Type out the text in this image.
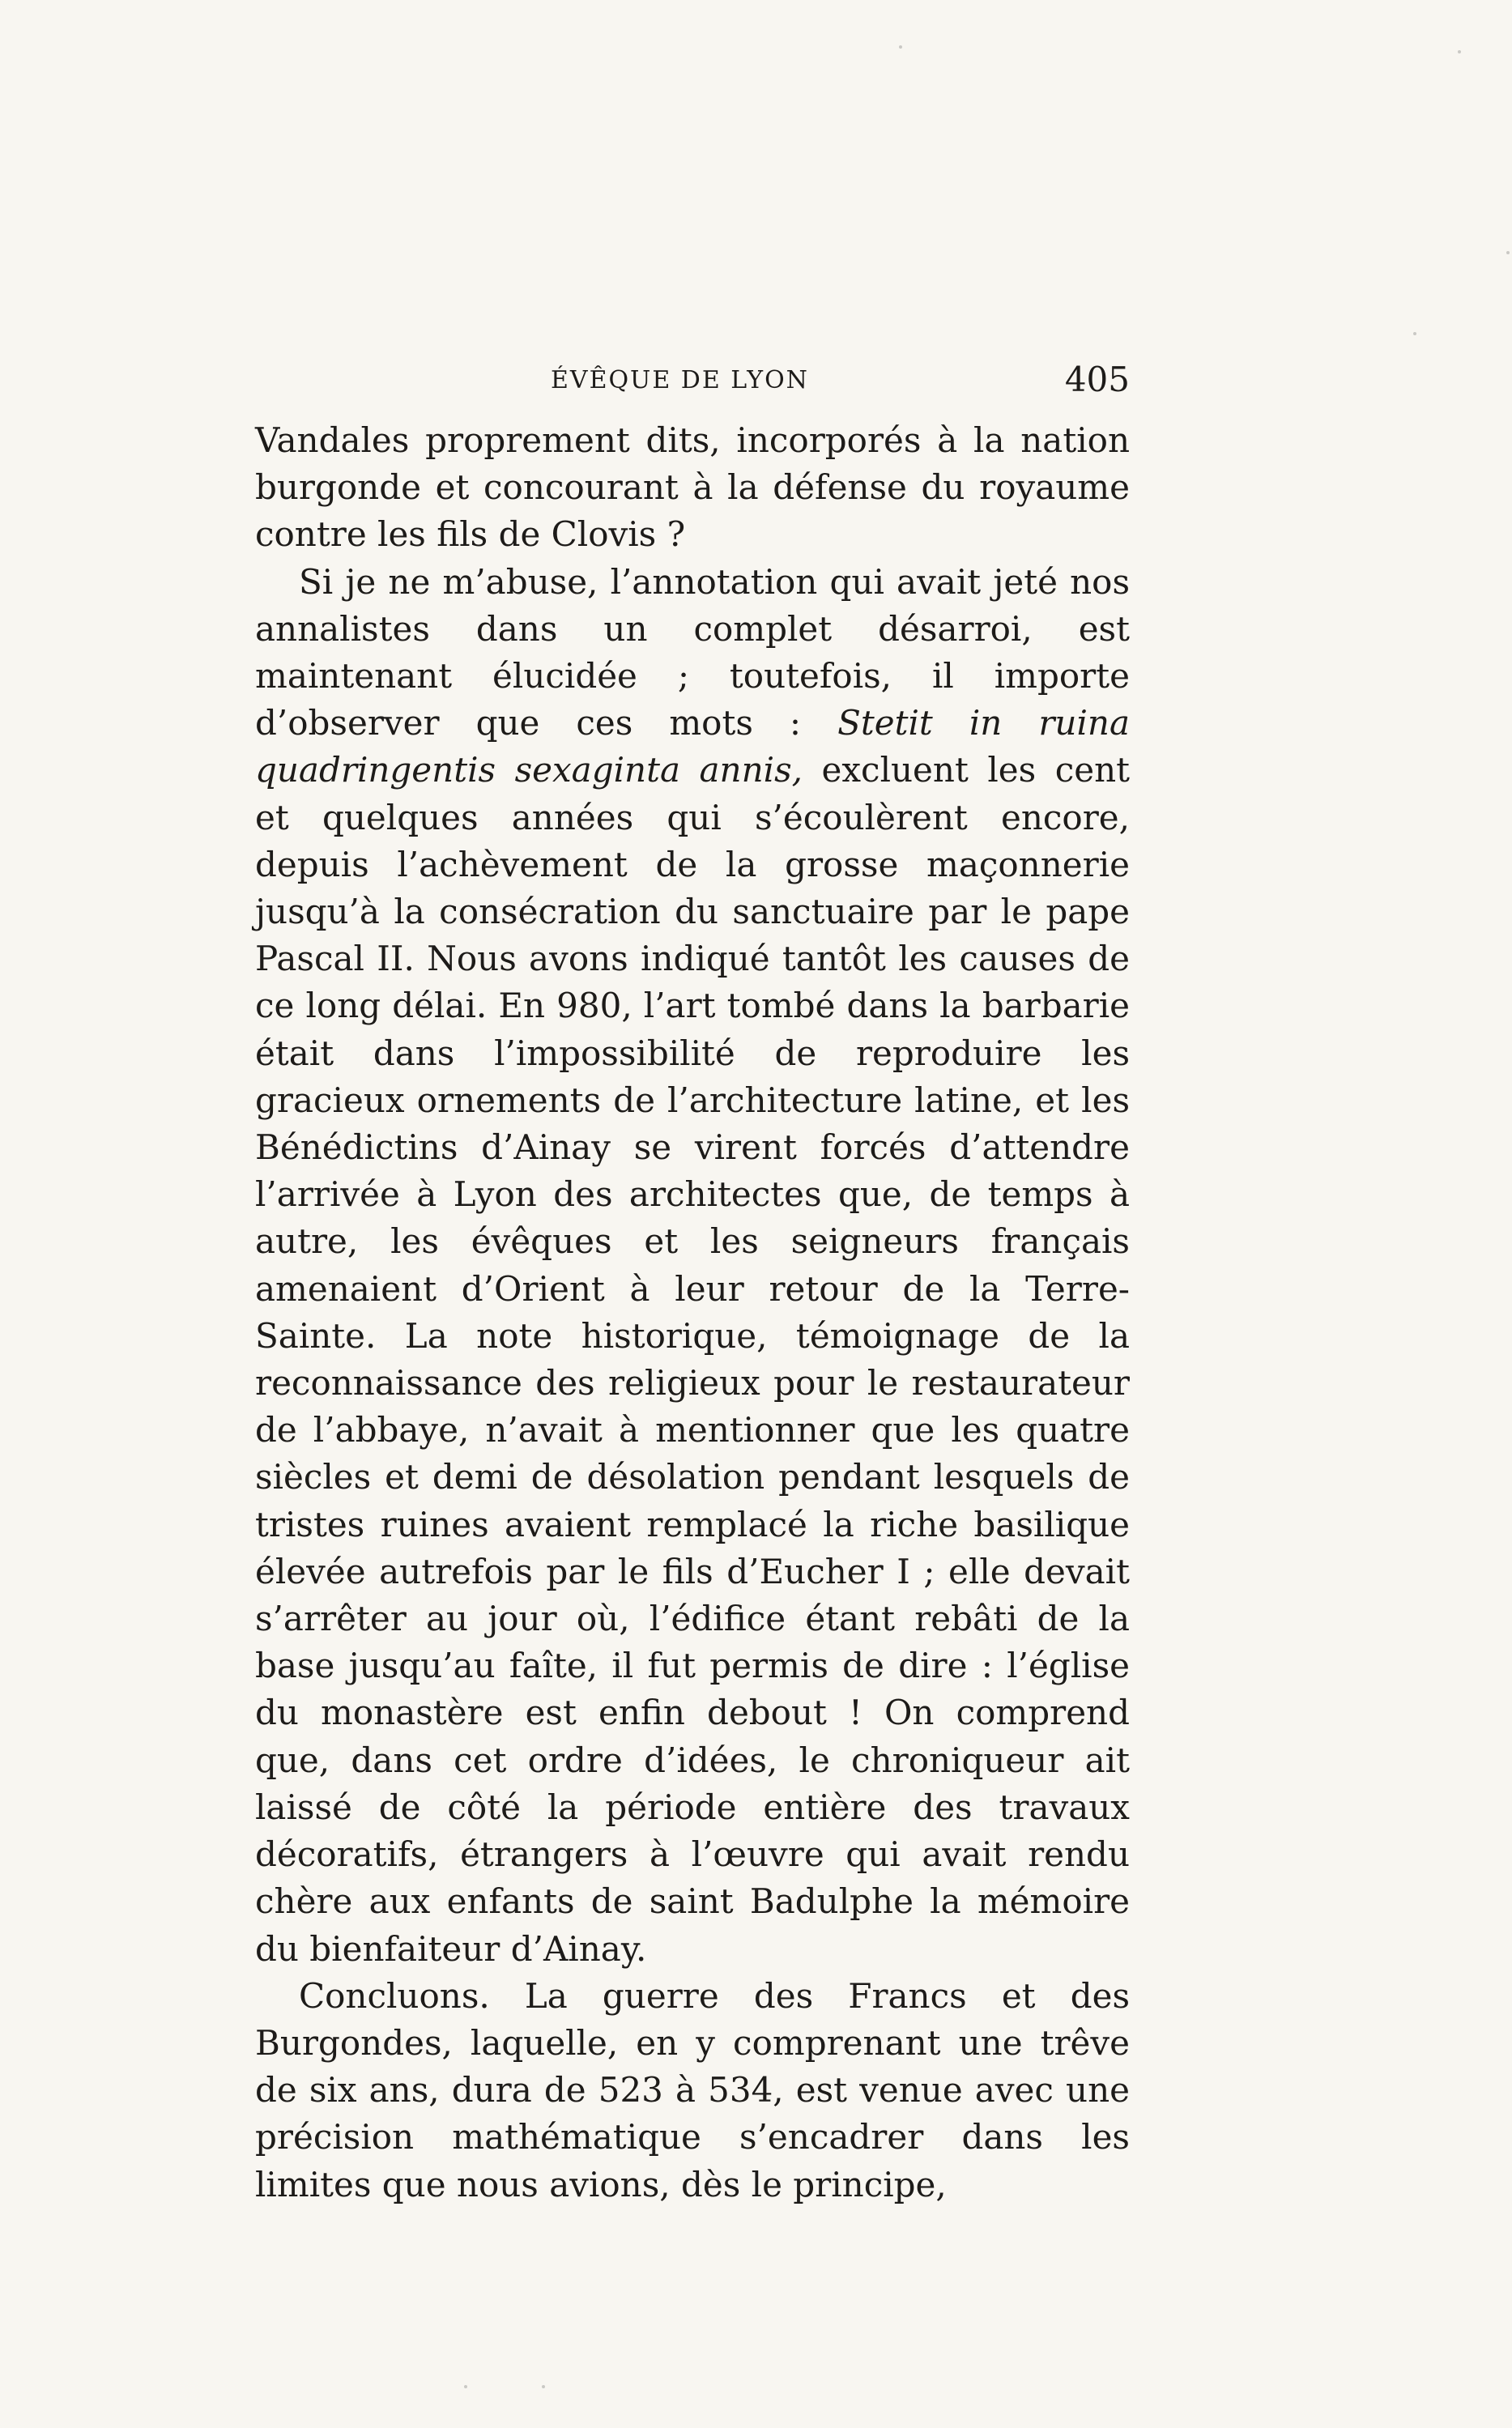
ÉVÊQUE DE LYON	405

Vandales proprement dits, incorporés à la nation burgonde et concourant à la défense du royaume contre les fils de Clovis ?

Si je ne m’abuse, l’annotation qui avait jeté nos annalistes dans un complet désarroi, est maintenant élucidée ; toutefois, il importe d’observer que ces mots : Stetit in ruina quadringentis sexaginta annis, excluent les cent et quelques années qui s’écoulèrent encore, depuis l’achèvement de la grosse maçonnerie jusqu’à la consécration du sanctuaire par le pape Pascal II. Nous avons indiqué tantôt les causes de ce long délai. En 980, l’art tombé dans la barbarie était dans l’impossibilité de reproduire les gracieux ornements de l’architecture latine, et les Bénédictins d’Ainay se virent forcés d’attendre l’arrivée à Lyon des architectes que, de temps à autre, les évêques et les seigneurs français amenaient d’Orient à leur retour de la Terre-Sainte. La note historique, témoignage de la reconnaissance des religieux pour le restaurateur de l’abbaye, n’avait à mentionner que les quatre siècles et demi de désolation pendant lesquels de tristes ruines avaient remplacé la riche basilique élevée autrefois par le fils d’Eucher I ; elle devait s’arrêter au jour où, l’édifice étant rebâti de la base jusqu’au faîte, il fut permis de dire : l’église du monastère est enfin debout ! On comprend que, dans cet ordre d’idées, le chroniqueur ait laissé de côté la période entière des travaux décoratifs, étrangers à l’œuvre qui avait rendu chère aux enfants de saint Badulphe la mémoire du bienfaiteur d’Ainay.

Concluons. La guerre des Francs et des Burgondes, laquelle, en y comprenant une trêve de six ans, dura de 523 à 534, est venue avec une précision mathématique s’encadrer dans les limites que nous avions, dès le principe,
